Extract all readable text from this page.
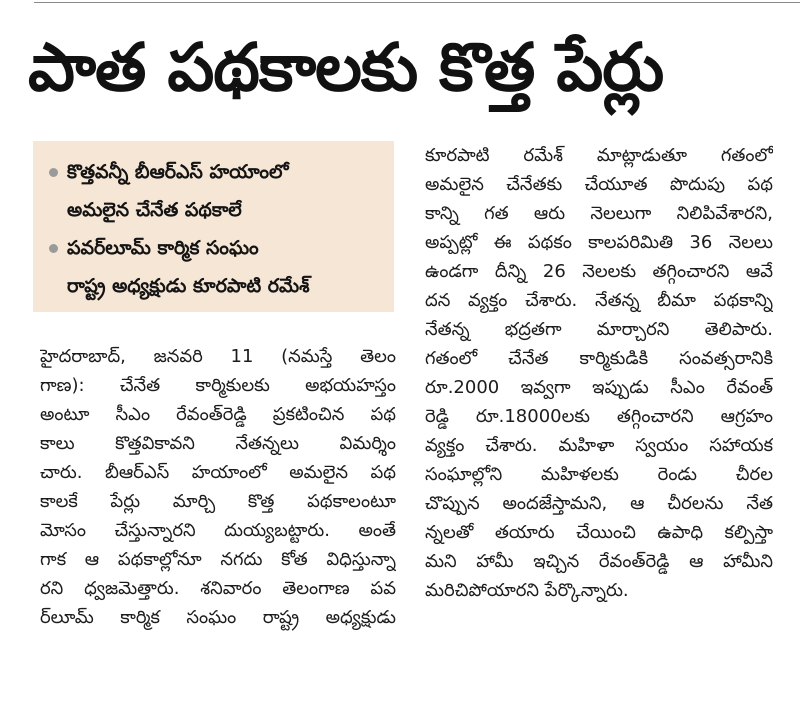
పాత పథకాలకు కొత్త పేర్లు
కొత్తవన్నీ బీఆర్ఎస్ హయాంలో
అమలైన చేనేత పథకాలే
పవర్‌లూమ్ కార్మిక సంఘం
రాష్ట్ర అధ్యక్షుడు కూరపాటి రమేశ్
హైదరాబాద్, జనవరి 11 (నమస్తే తెలం
గాణ): చేనేత కార్మికులకు అభయహస్తం
అంటూ సీఎం రేవంత్‌రెడ్డి ప్రకటించిన పథ
కాలు కొత్తవికావని నేతన్నలు విమర్శిం
చారు. బీఆర్ఎస్ హయాంలో అమలైన పథ
కాలకే పేర్లు మార్చి కొత్త పథకాలంటూ
మోసం చేస్తున్నారని దుయ్యబట్టారు. అంతే
గాక ఆ పథకాల్లోనూ నగదు కోత విధిస్తున్నా
రని ధ్వజమెత్తారు. శనివారం తెలంగాణ పవ
ర్‌లూమ్ కార్మిక సంఘం రాష్ట్ర అధ్యక్షుడు
కూరపాటి రమేశ్ మాట్లాడుతూ గతంలో
అమలైన చేనేతకు చేయూత పొదుపు పథ
కాన్ని గత ఆరు నెలలుగా నిలిపివేశారని,
అప్పట్లో ఈ పథకం కాలపరిమితి 36 నెలలు
ఉండగా దీన్ని 26 నెలలకు తగ్గించారని ఆవే
దన వ్యక్తం చేశారు. నేతన్న బీమా పథకాన్ని
నేతన్న భద్రతగా మార్చారని తెలిపారు.
గతంలో చేనేత కార్మికుడికి సంవత్సరానికి
రూ.2000 ఇవ్వగా ఇప్పుడు సీఎం రేవంత్
రెడ్డి రూ.18000లకు తగ్గించారని ఆగ్రహం
వ్యక్తం చేశారు. మహిళా స్వయం సహాయక
సంఘాల్లోని మహిళలకు రెండు చీరల
చొప్పున అందజేస్తామని, ఆ చీరలను నేత
న్నలతో తయారు చేయించి ఉపాధి కల్పిస్తా
మని హామీ ఇచ్చిన రేవంత్‌రెడ్డి ఆ హామీని
మరిచిపోయారని పేర్కొన్నారు.
